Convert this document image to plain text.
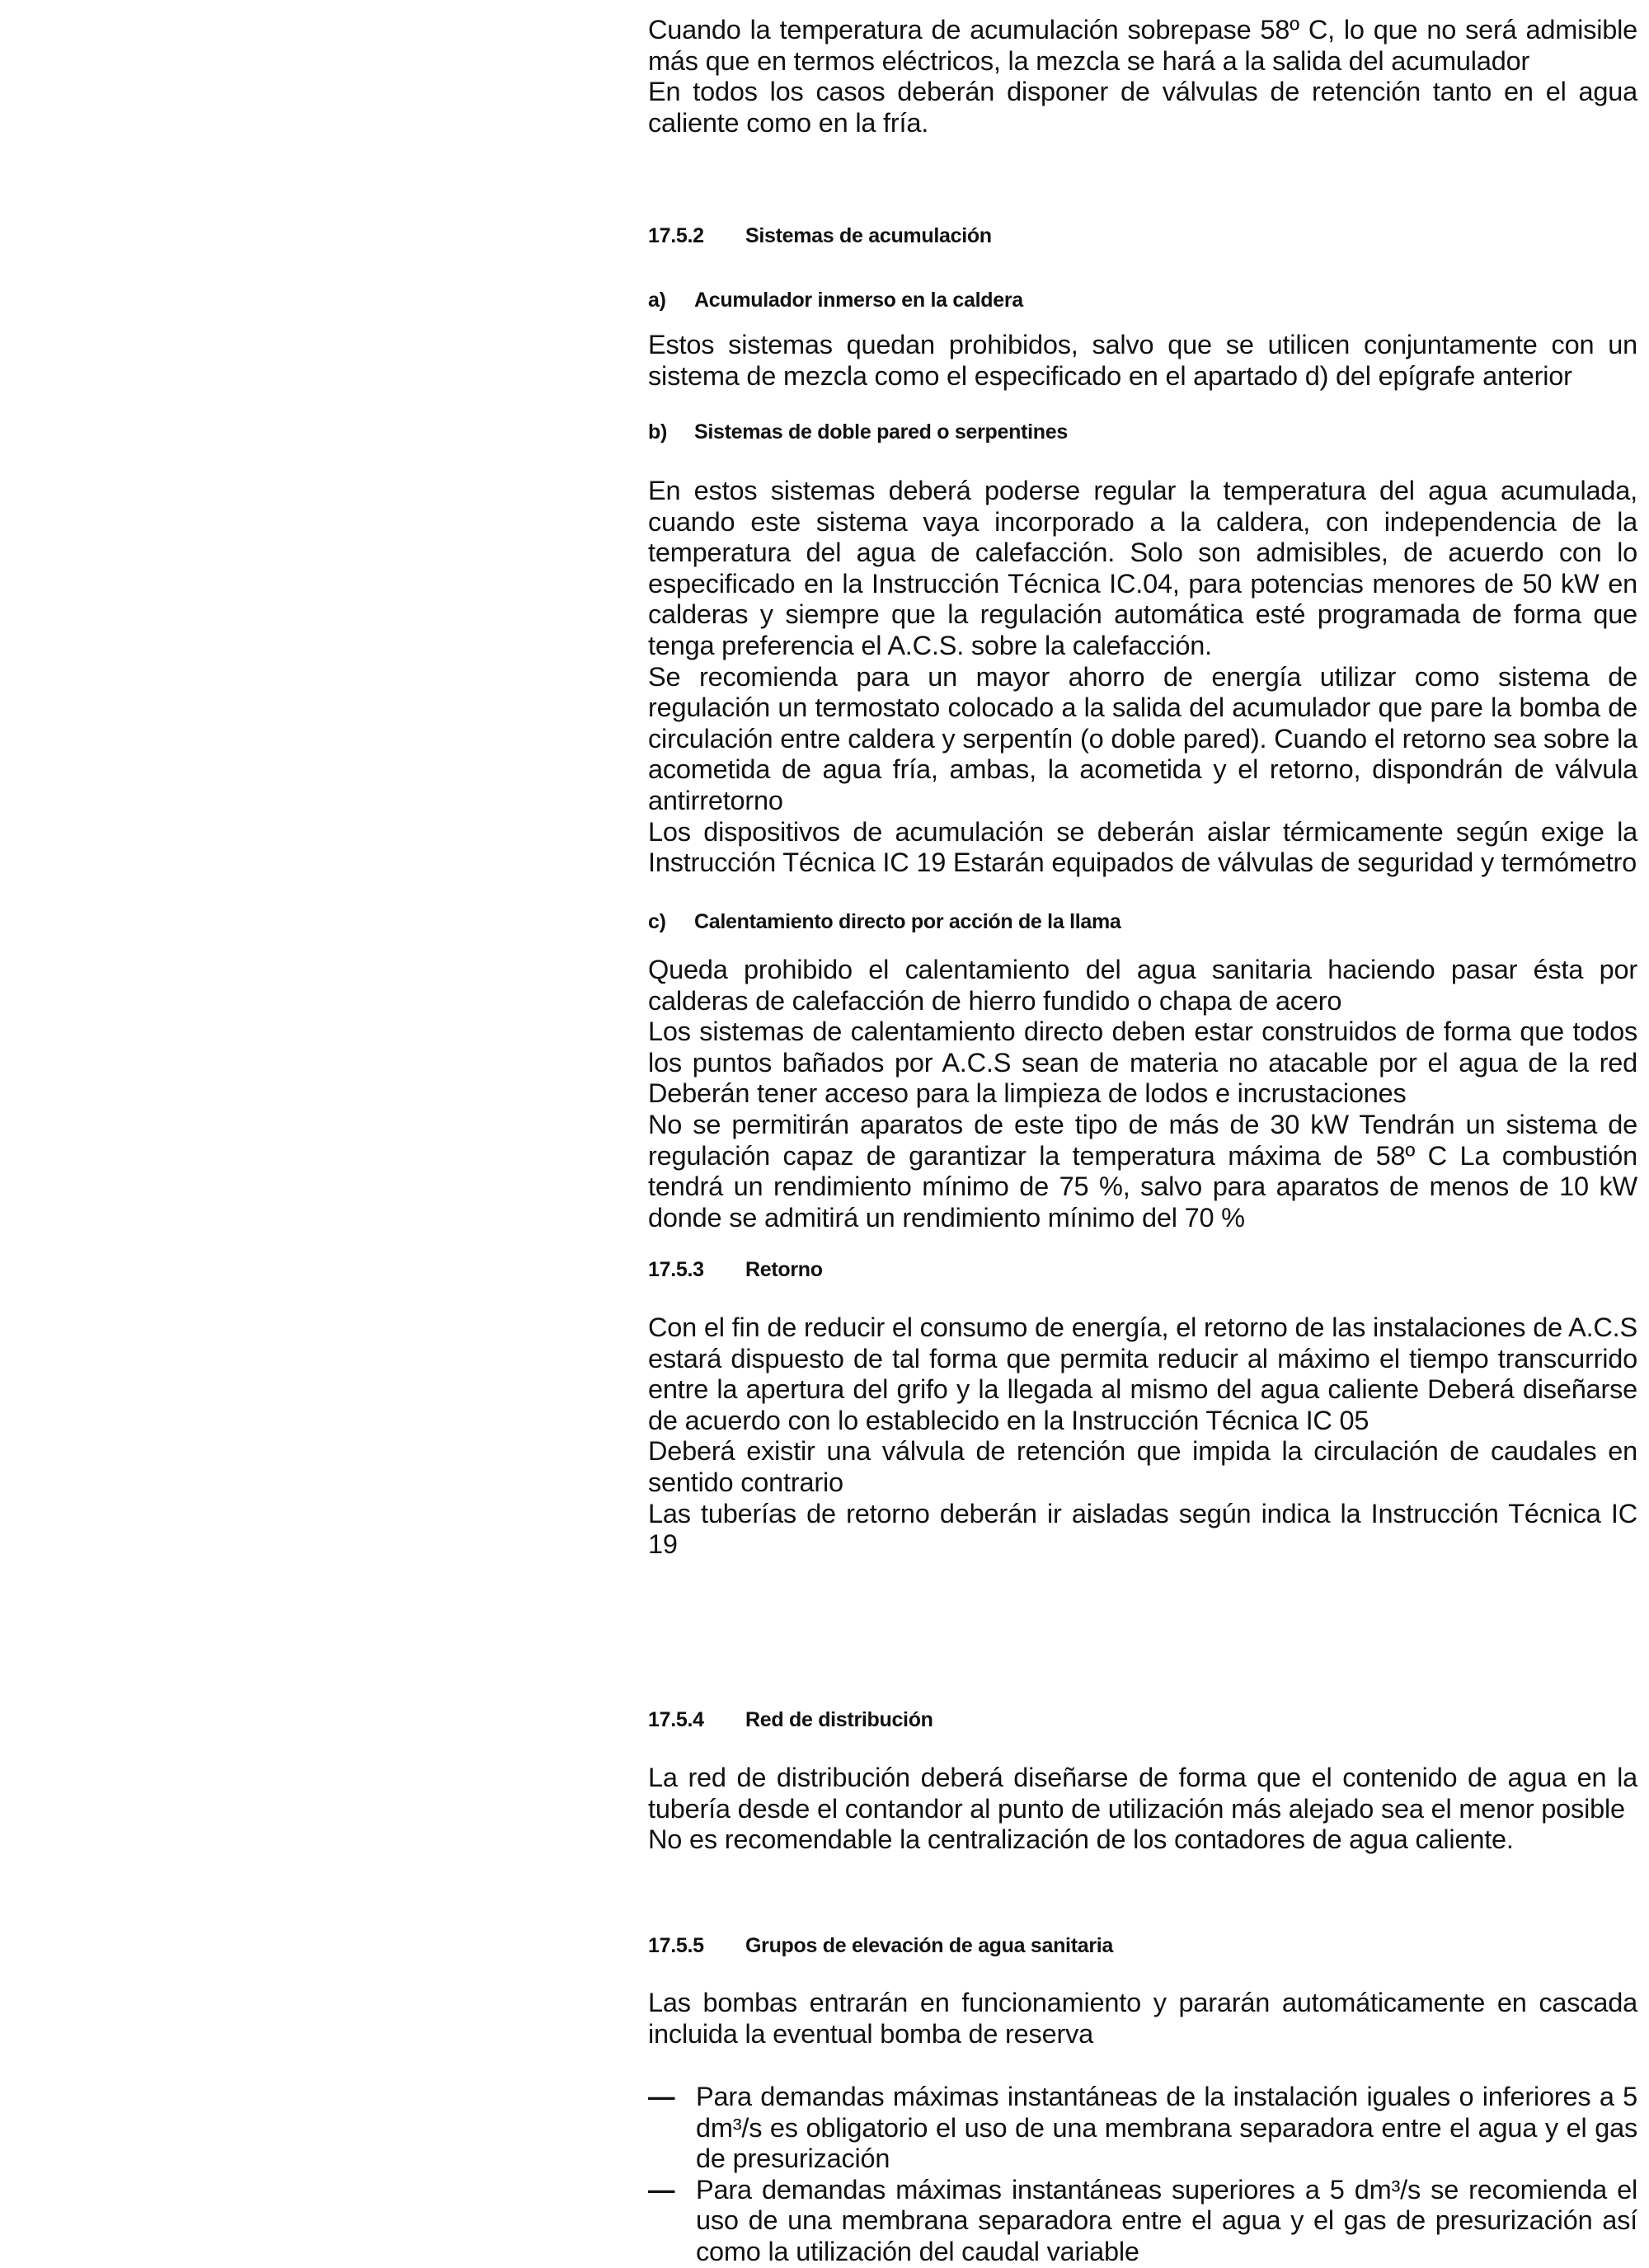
Cuando la temperatura de acumulación sobrepase 58º C, lo que no será admisible más que en termos eléctricos, la mezcla se hará a la salida del acumulador

En todos los casos deberán disponer de válvulas de retención tanto en el agua caliente como en la fría.

17.5.2 Sistemas de acumulación

a) Acumulador inmerso en la caldera

Estos sistemas quedan prohibidos, salvo que se utilicen conjuntamente con un sistema de mezcla como el especificado en el apartado d) del epígrafe anterior

b) Sistemas de doble pared o serpentines

En estos sistemas deberá poderse regular la temperatura del agua acumulada, cuando este sistema vaya incorporado a la caldera, con independencia de la temperatura del agua de calefacción. Solo son admisibles, de acuerdo con lo especificado en la Instrucción Técnica IC.04, para potencias menores de 50 kW en calderas y siempre que la regulación automática esté programada de forma que tenga preferencia el A.C.S. sobre la calefacción.

Se recomienda para un mayor ahorro de energía utilizar como sistema de regulación un termostato colocado a la salida del acumulador que pare la bomba de circulación entre caldera y serpentín (o doble pared). Cuando el retorno sea sobre la acometida de agua fría, ambas, la acometida y el retorno, dispondrán de válvula antirretorno

Los dispositivos de acumulación se deberán aislar térmicamente según exige la Instrucción Técnica IC 19 Estarán equipados de válvulas de seguridad y termómetro

c) Calentamiento directo por acción de la llama

Queda prohibido el calentamiento del agua sanitaria haciendo pasar ésta por calderas de calefacción de hierro fundido o chapa de acero

Los sistemas de calentamiento directo deben estar construidos de forma que todos los puntos bañados por A.C.S sean de materia no atacable por el agua de la red Deberán tener acceso para la limpieza de lodos e incrustaciones

No se permitirán aparatos de este tipo de más de 30 kW Tendrán un sistema de regulación capaz de garantizar la temperatura máxima de 58º C La combustión tendrá un rendimiento mínimo de 75 %, salvo para aparatos de menos de 10 kW donde se admitirá un rendimiento mínimo del 70 %

17.5.3 Retorno

Con el fin de reducir el consumo de energía, el retorno de las instalaciones de A.C.S estará dispuesto de tal forma que permita reducir al máximo el tiempo transcurrido entre la apertura del grifo y la llegada al mismo del agua caliente Deberá diseñarse de acuerdo con lo establecido en la Instrucción Técnica IC 05

Deberá existir una válvula de retención que impida la circulación de caudales en sentido contrario

Las tuberías de retorno deberán ir aisladas según indica la Instrucción Técnica IC 19

17.5.4 Red de distribución

La red de distribución deberá diseñarse de forma que el contenido de agua en la tubería desde el contandor al punto de utilización más alejado sea el menor posible

No es recomendable la centralización de los contadores de agua caliente.

17.5.5 Grupos de elevación de agua sanitaria

Las bombas entrarán en funcionamiento y pararán automáticamente en cascada incluida la eventual bomba de reserva

— Para demandas máximas instantáneas de la instalación iguales o inferiores a 5 dm³/s es obligatorio el uso de una membrana separadora entre el agua y el gas de presurización

— Para demandas máximas instantáneas superiores a 5 dm³/s se recomienda el uso de una membrana separadora entre el agua y el gas de presurización así como la utilización del caudal variable
